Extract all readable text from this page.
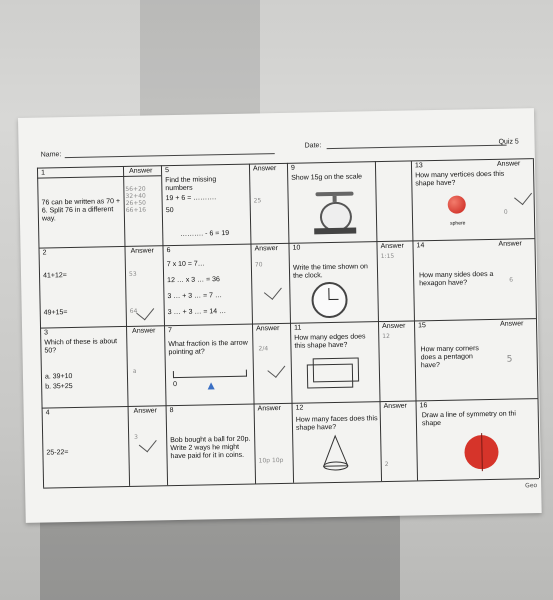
Name:
Date:
Quiz 5
1	Answer
76 can be written as 70 + 6. Split 76 in a different way.
56+20 32+40 26+50 66+16
2	Answer
41+12=
49+15=
53
64
3	Answer
Which of these is about 50?
a. 39+10
b. 35+25
a
4	Answer
25-22=
3
5	Answer
Find the missing numbers
19 + 6 = ……….
50
………. - 6 = 19
25
6	Answer
7 x 10 = 7…
12 … x 3 … = 36
3 … + 3 … = 7 …
3 … + 3 … = 14 …
70
7	Answer
What fraction is the arrow pointing at?
0 ▲
2/4
8	Answer
Bob bought a ball for 20p. Write 2 ways he might have paid for it in coins.
10p 10p
9
Show 15g on the scale
10	Answer
Write the time shown on the clock.
1:15
11	Answer
How many edges does this shape have?
12
12	Answer
How many faces does this shape have?
2
13	Answer
How many vertices does this shape have?
sphere
0
14	Answer
How many sides does a hexagon have?	6
15	Answer
How many corners does a pentagon have?
5
16
Draw a line of symmetry on thi shape
Geo
